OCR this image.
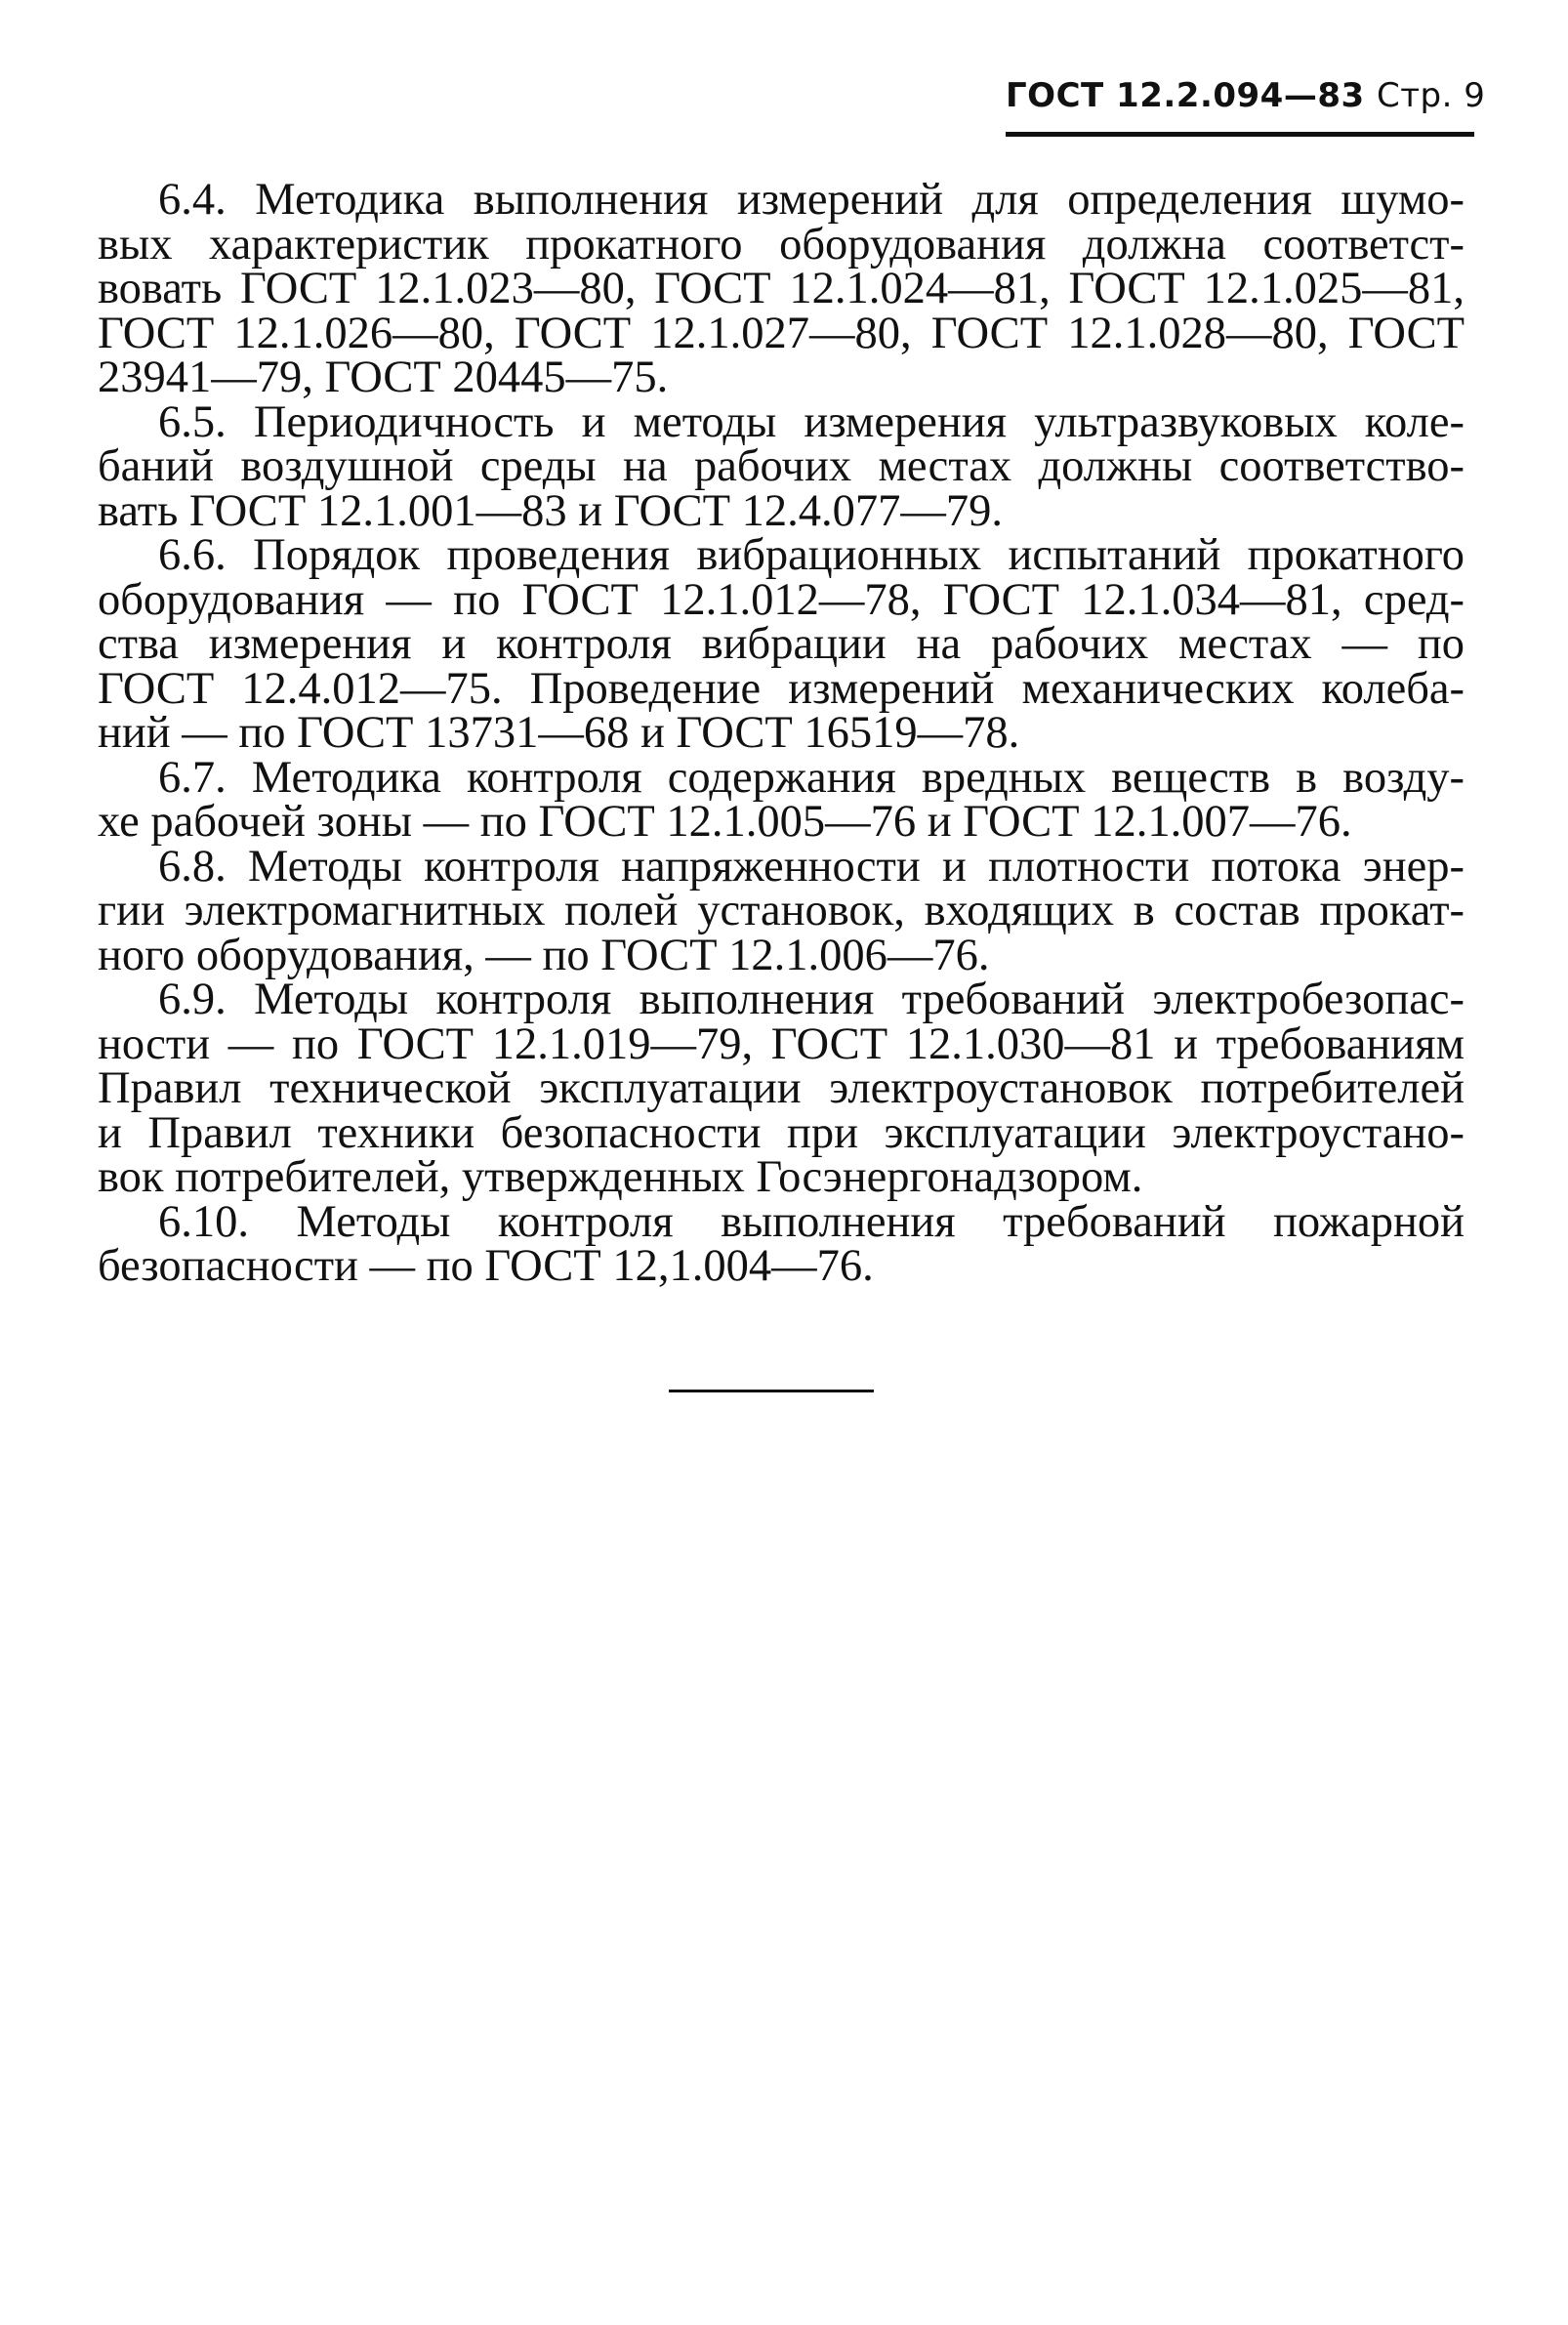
ГОСТ 12.2.094—83 Стр. 9
6.4. Методика выполнения измерений для определения шумо-
вых характеристик прокатного оборудования должна соответст-
вовать ГОСТ 12.1.023—80, ГОСТ 12.1.024—81, ГОСТ 12.1.025—81,
ГОСТ 12.1.026—80, ГОСТ 12.1.027—80, ГОСТ 12.1.028—80, ГОСТ
23941—79, ГОСТ 20445—75.
6.5. Периодичность и методы измерения ультразвуковых коле-
баний воздушной среды на рабочих местах должны соответство-
вать ГОСТ 12.1.001—83 и ГОСТ 12.4.077—79.
6.6. Порядок проведения вибрационных испытаний прокатного
оборудования — по ГОСТ 12.1.012—78, ГОСТ 12.1.034—81, сред-
ства измерения и контроля вибрации на рабочих местах — по
ГОСТ 12.4.012—75. Проведение измерений механических колеба-
ний — по ГОСТ 13731—68 и ГОСТ 16519—78.
6.7. Методика контроля содержания вредных веществ в возду-
хе рабочей зоны — по ГОСТ 12.1.005—76 и ГОСТ 12.1.007—76.
6.8. Методы контроля напряженности и плотности потока энер-
гии электромагнитных полей установок, входящих в состав прокат-
ного оборудования, — по ГОСТ 12.1.006—76.
6.9. Методы контроля выполнения требований электробезопас-
ности — по ГОСТ 12.1.019—79, ГОСТ 12.1.030—81 и требованиям
Правил технической эксплуатации электроустановок потребителей
и Правил техники безопасности при эксплуатации электроустано-
вок потребителей, утвержденных Госэнергонадзором.
6.10. Методы контроля выполнения требований пожарной
безопасности — по ГОСТ 12,1.004—76.
